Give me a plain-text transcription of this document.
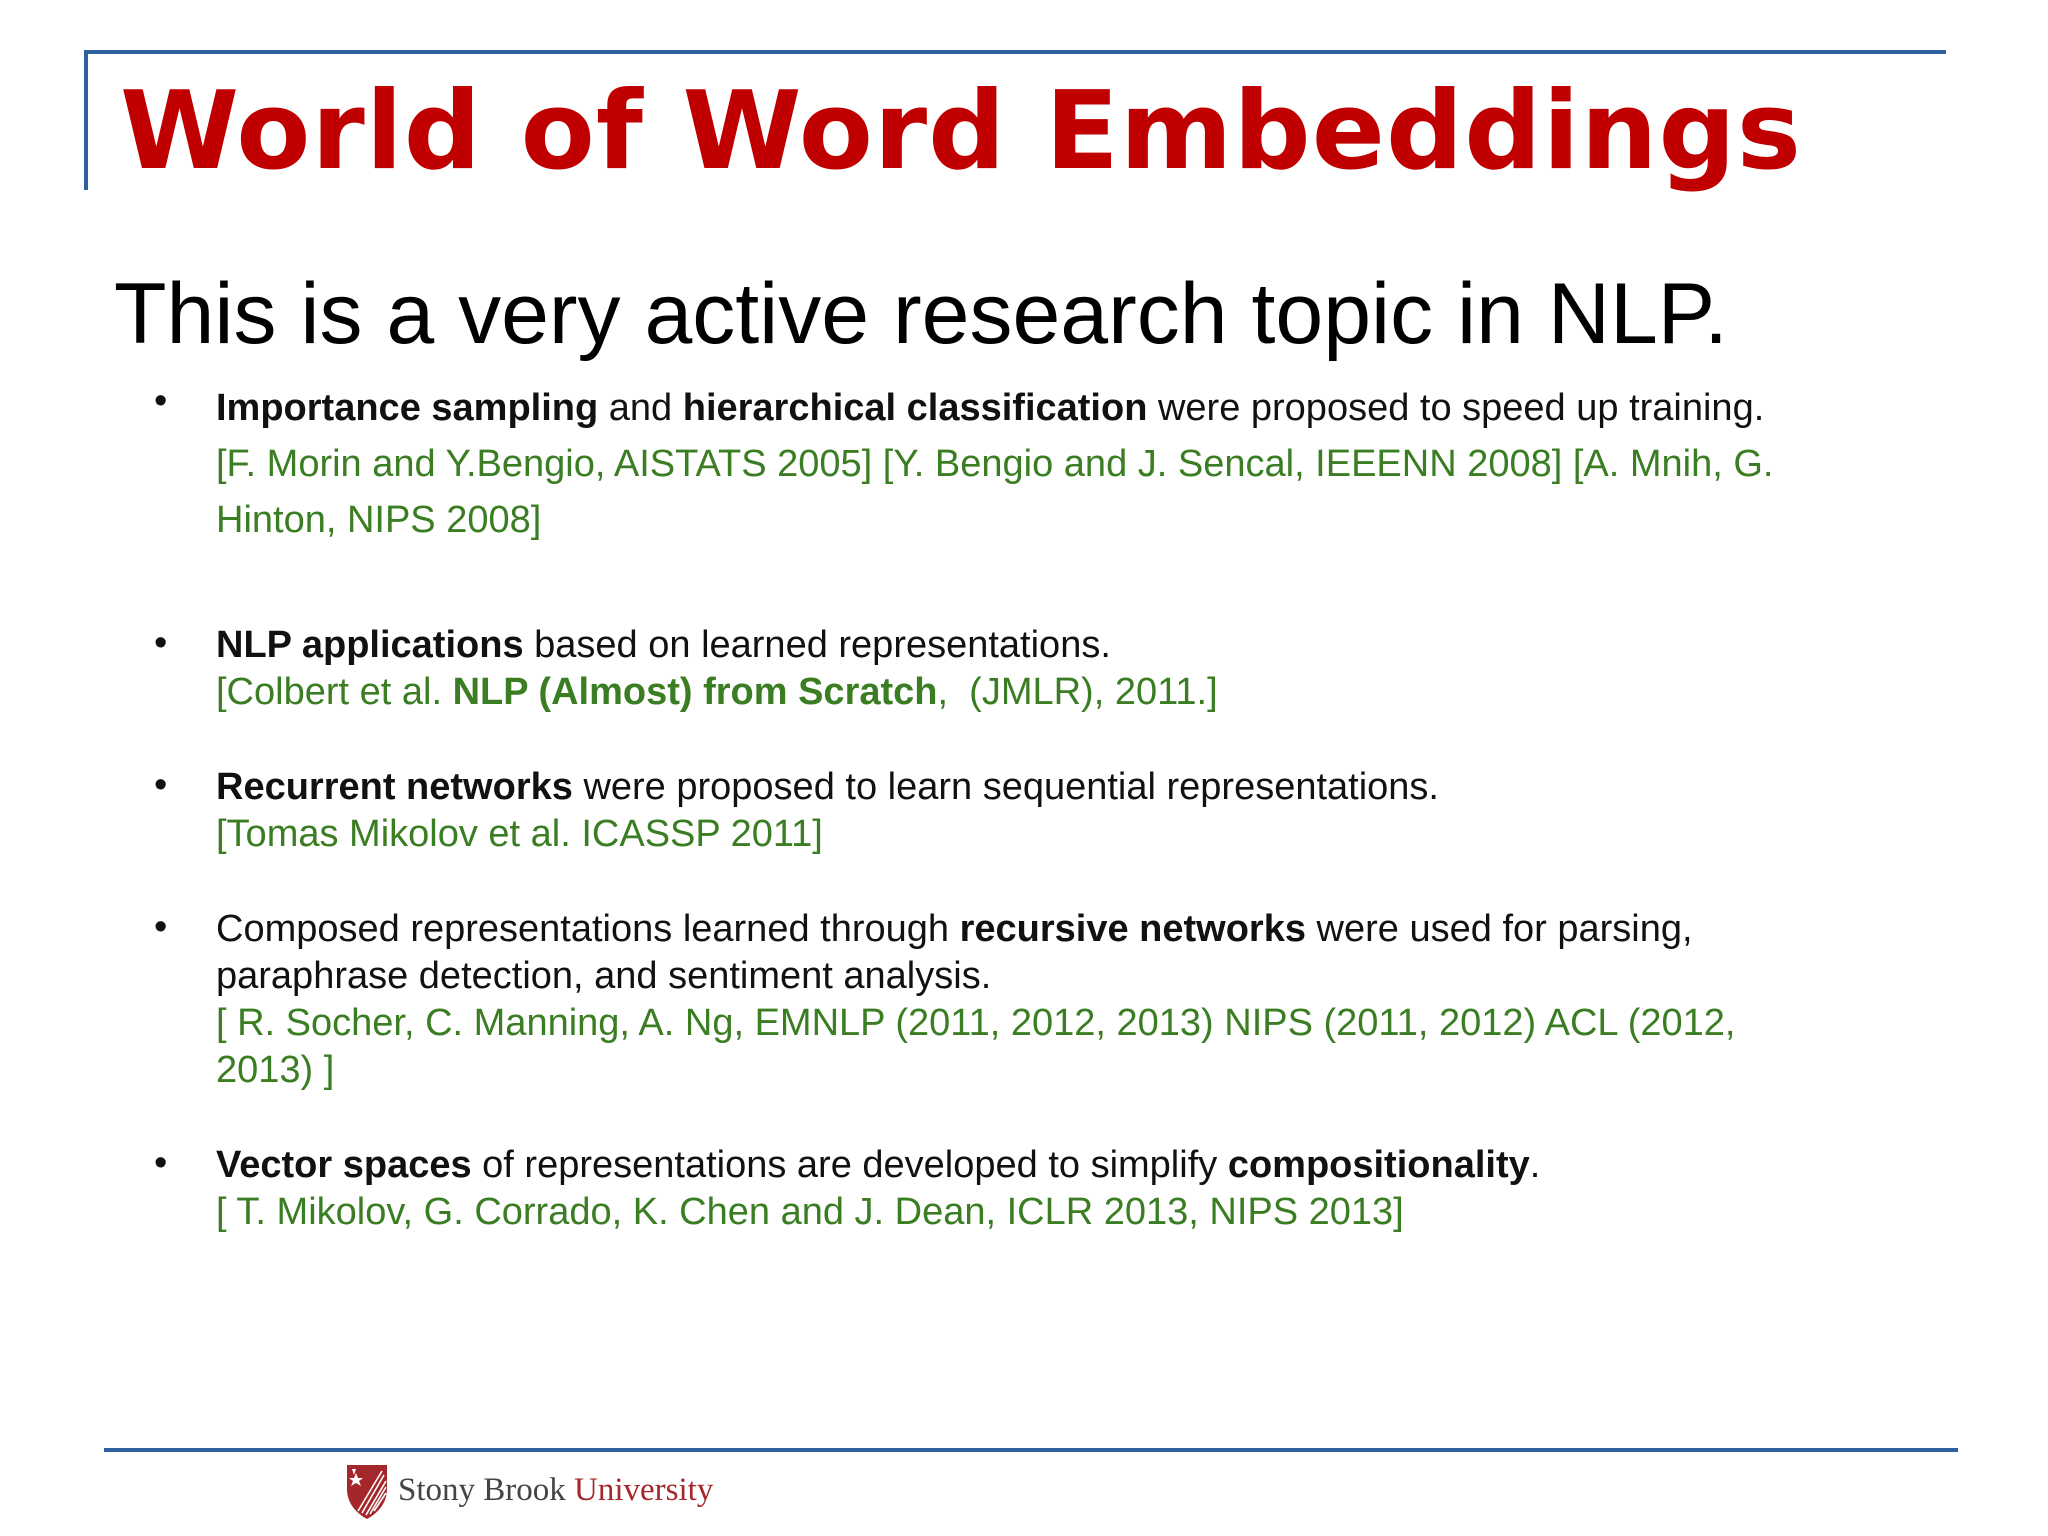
World of Word Embeddings
This is a very active research topic in NLP.
• Importance sampling and hierarchical classification were proposed to speed up training.
[F. Morin and Y.Bengio, AISTATS 2005] [Y. Bengio and J. Sencal, IEEENN 2008] [A. Mnih, G.
Hinton, NIPS 2008]
• NLP applications based on learned representations.
[Colbert et al. NLP (Almost) from Scratch,  (JMLR), 2011.]
• Recurrent networks were proposed to learn sequential representations.
[Tomas Mikolov et al. ICASSP 2011]
• Composed representations learned through recursive networks were used for parsing,
paraphrase detection, and sentiment analysis.
[ R. Socher, C. Manning, A. Ng, EMNLP (2011, 2012, 2013) NIPS (2011, 2012) ACL (2012,
2013) ]
• Vector spaces of representations are developed to simplify compositionality.
[ T. Mikolov, G. Corrado, K. Chen and J. Dean, ICLR 2013, NIPS 2013]
Stony Brook University
